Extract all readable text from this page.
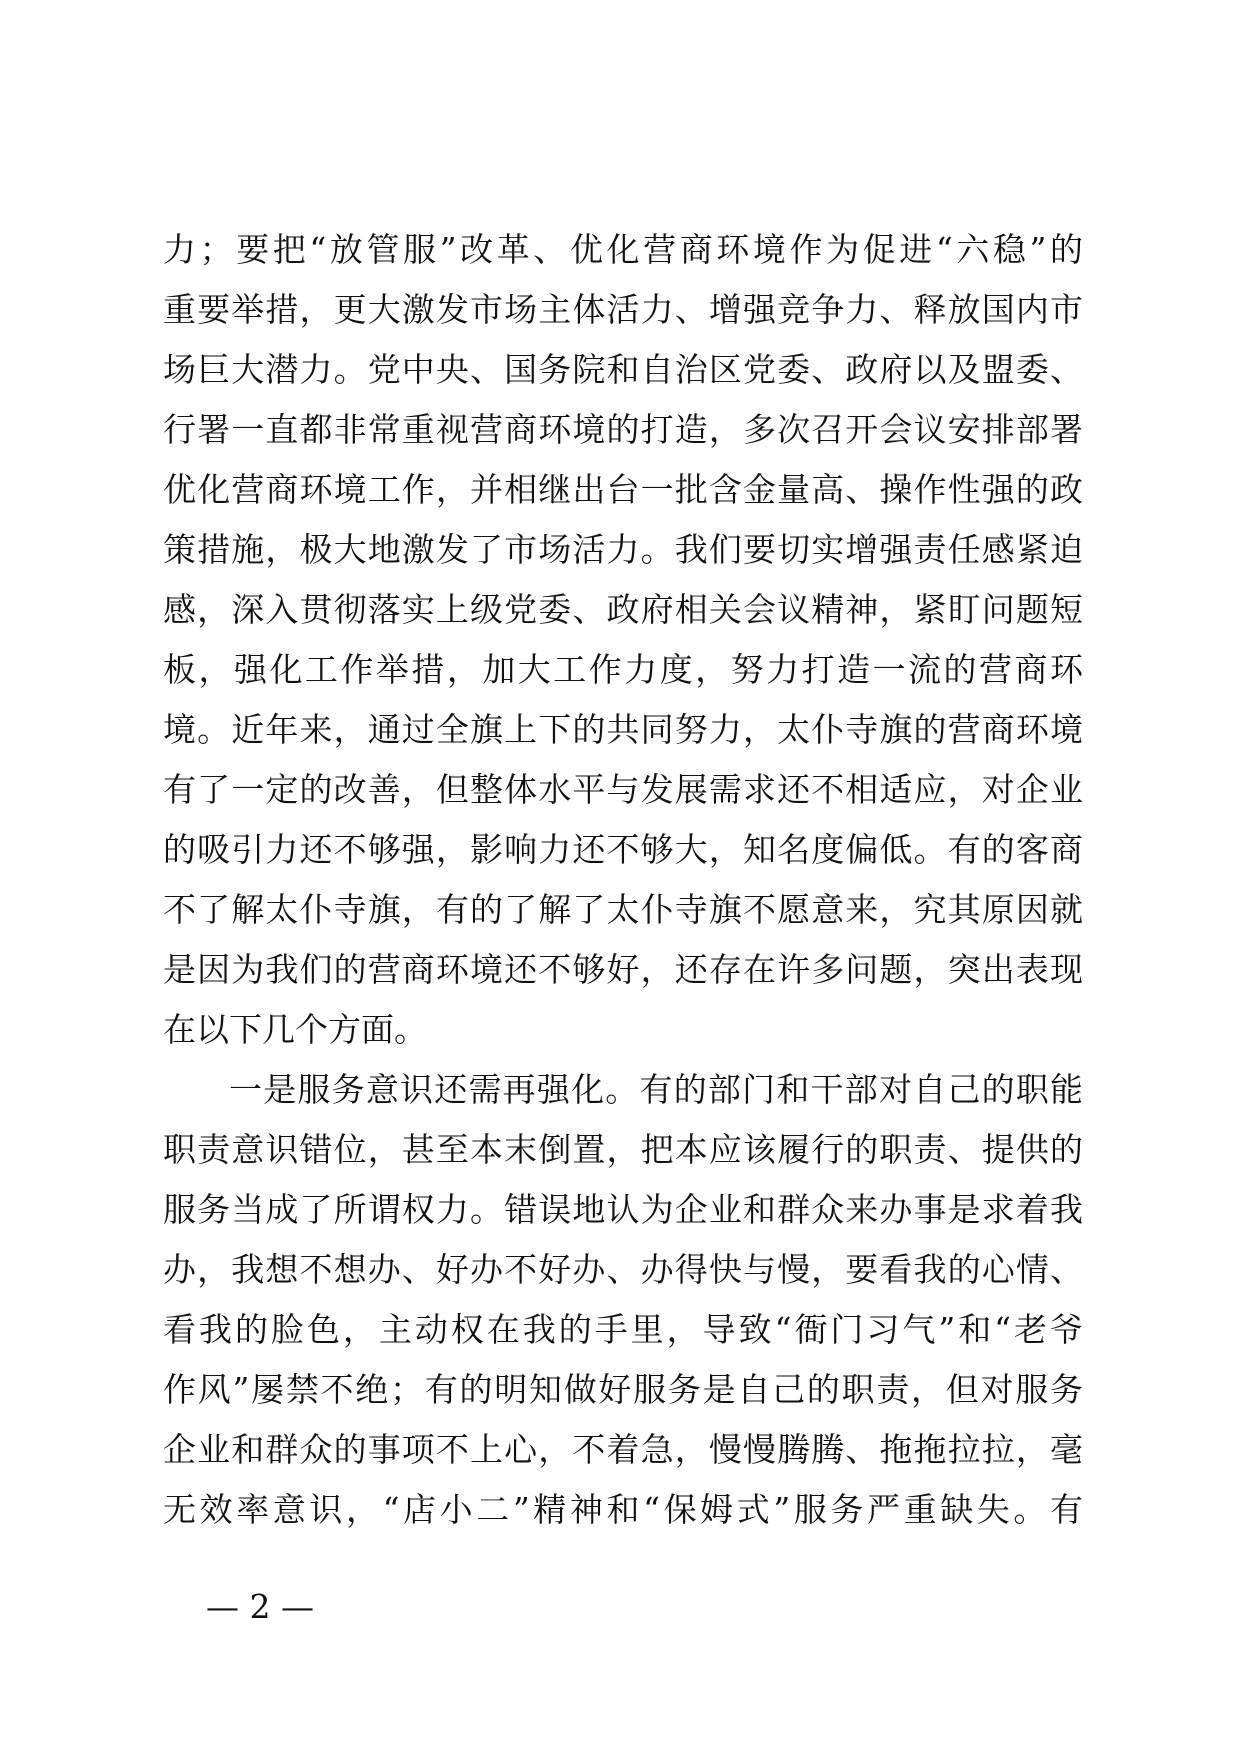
力；要把“放管服”改革、优化营商环境作为促进“六稳”的
重要举措，更大激发市场主体活力、增强竞争力、释放国内市
场巨大潜力。党中央、国务院和自治区党委、政府以及盟委、
行署一直都非常重视营商环境的打造，多次召开会议安排部署
优化营商环境工作，并相继出台一批含金量高、操作性强的政
策措施，极大地激发了市场活力。我们要切实增强责任感紧迫
感，深入贯彻落实上级党委、政府相关会议精神，紧盯问题短
板，强化工作举措，加大工作力度，努力打造一流的营商环
境。近年来，通过全旗上下的共同努力，太仆寺旗的营商环境
有了一定的改善，但整体水平与发展需求还不相适应，对企业
的吸引力还不够强，影响力还不够大，知名度偏低。有的客商
不了解太仆寺旗，有的了解了太仆寺旗不愿意来，究其原因就
是因为我们的营商环境还不够好，还存在许多问题，突出表现
在以下几个方面。
一是服务意识还需再强化。有的部门和干部对自己的职能
职责意识错位，甚至本末倒置，把本应该履行的职责、提供的
服务当成了所谓权力。错误地认为企业和群众来办事是求着我
办，我想不想办、好办不好办、办得快与慢，要看我的心情、
看我的脸色，主动权在我的手里，导致“衙门习气”和“老爷
作风”屡禁不绝；有的明知做好服务是自己的职责，但对服务
企业和群众的事项不上心，不着急，慢慢腾腾、拖拖拉拉，毫
无效率意识，“店小二”精神和“保姆式”服务严重缺失。有
— 2 —
